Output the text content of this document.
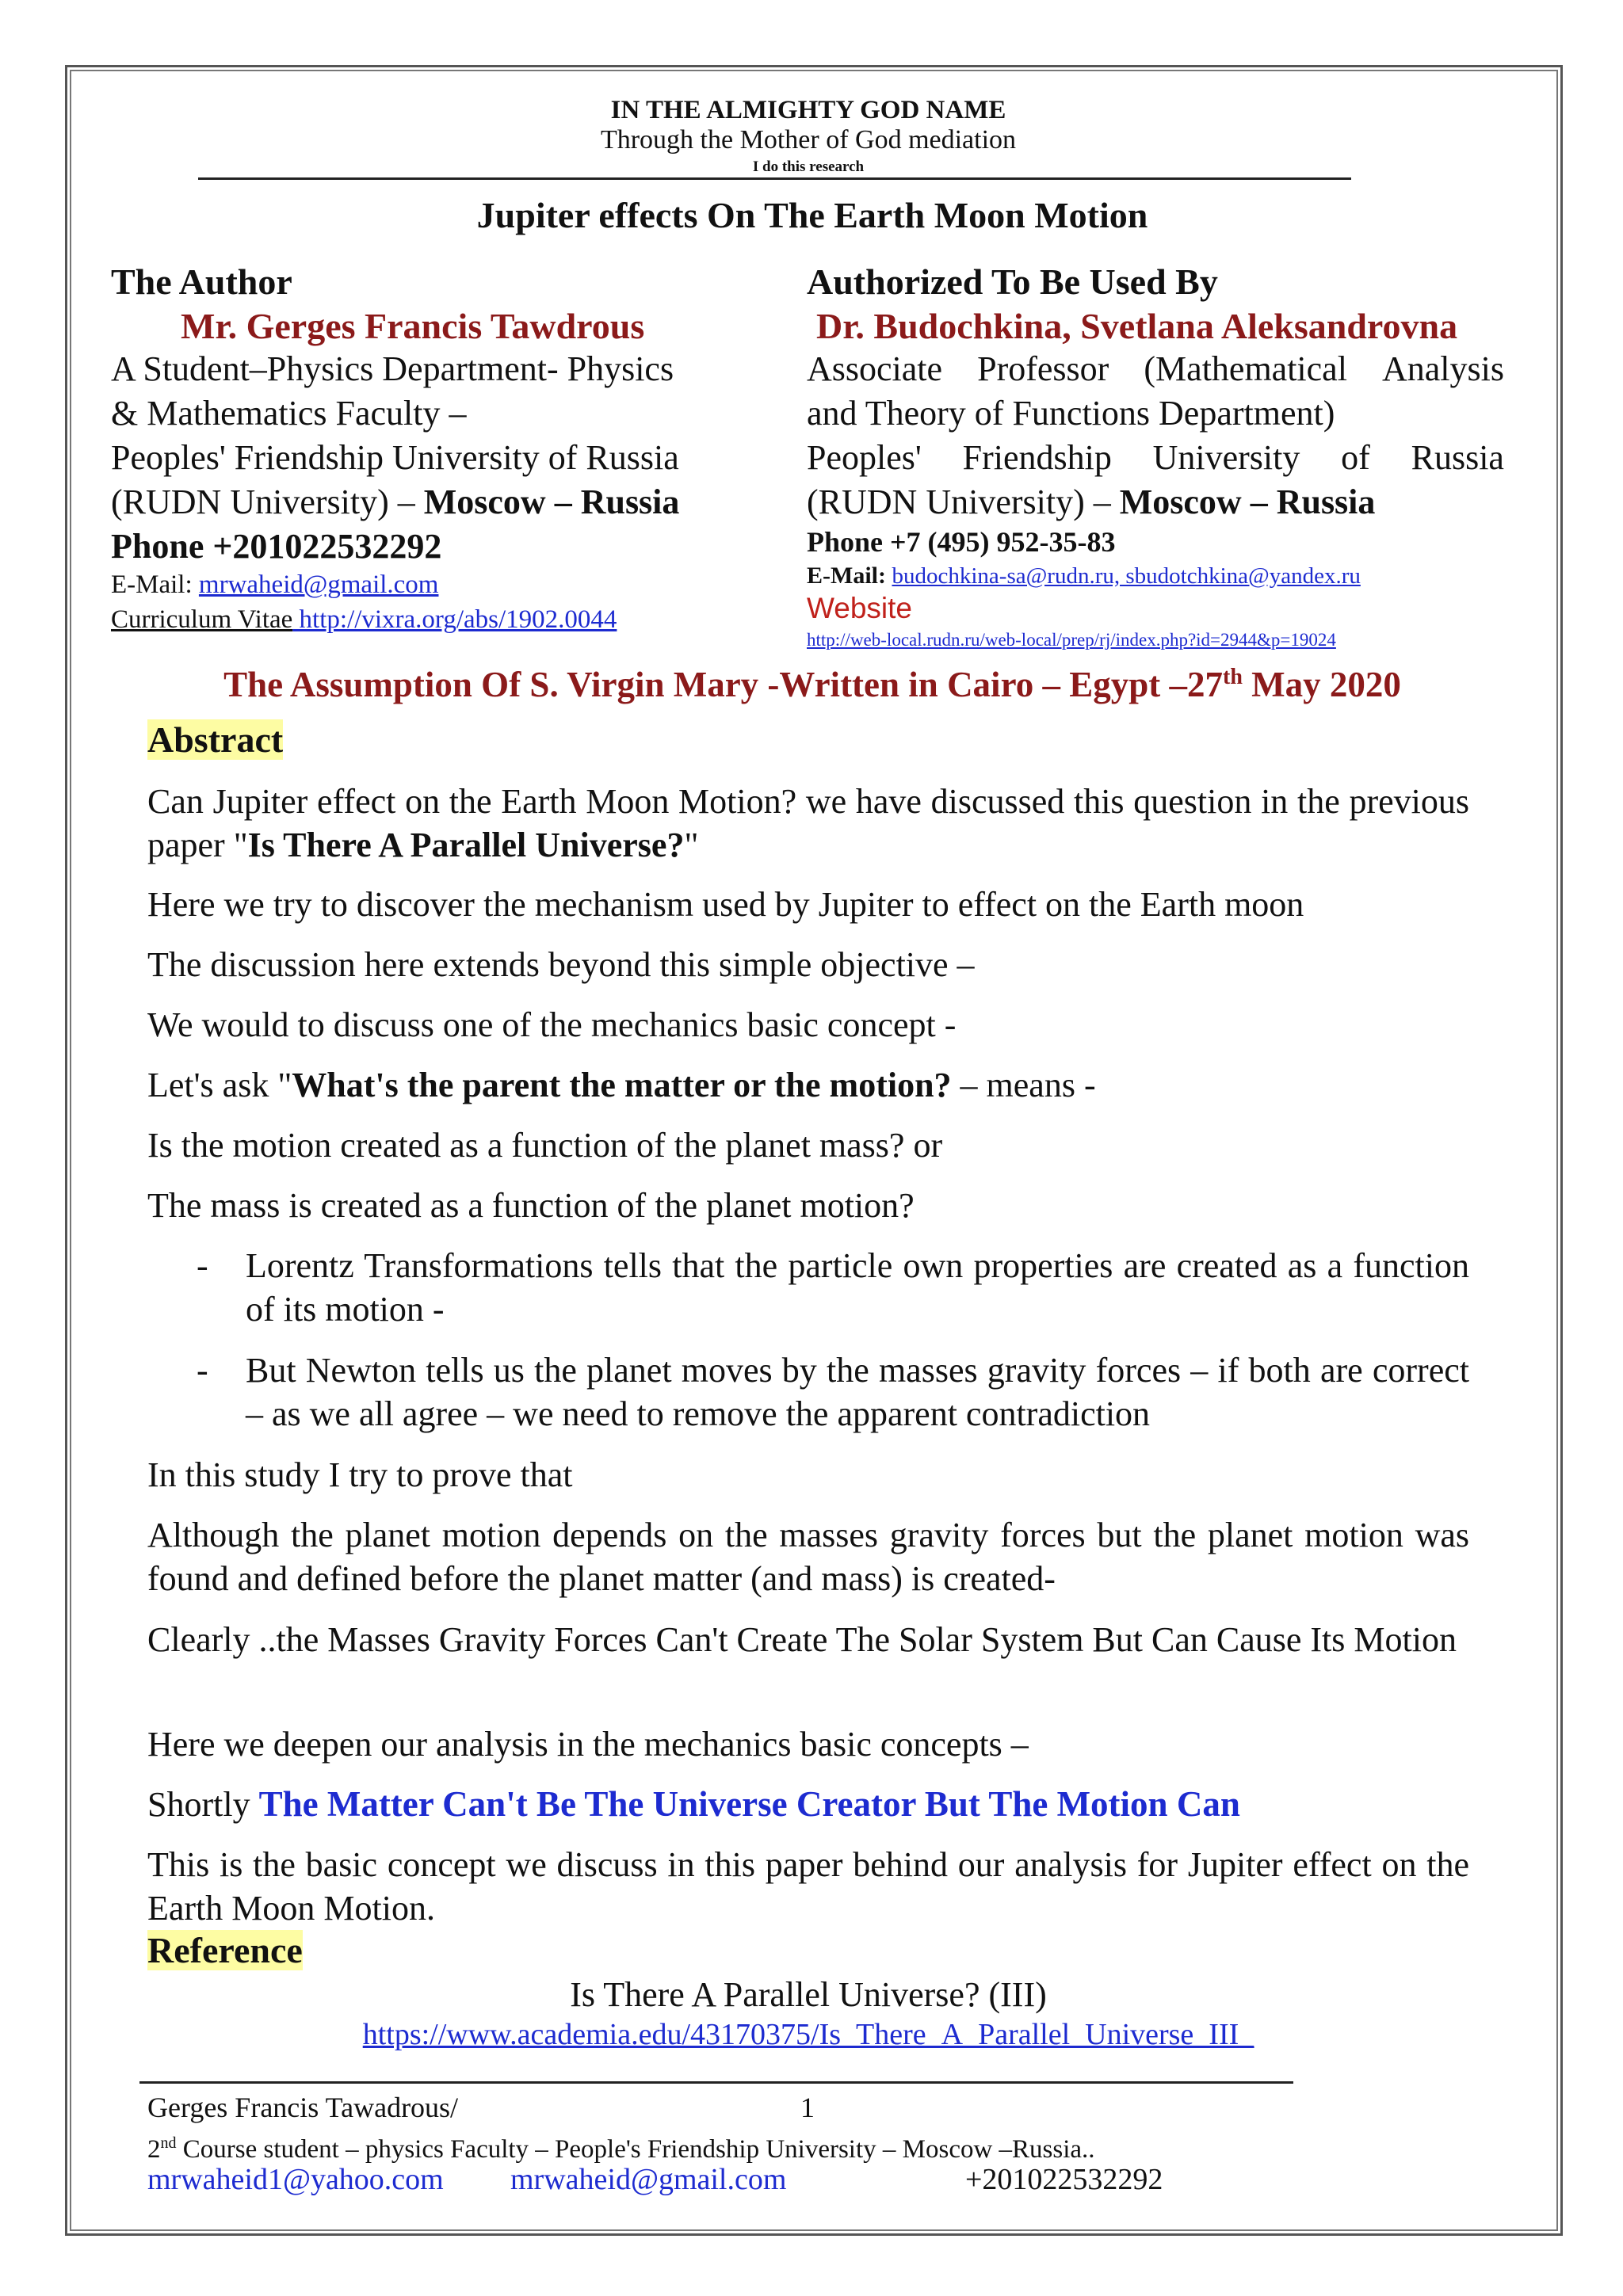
IN THE ALMIGHTY GOD NAME
Through the Mother of God mediation
I do this research
Jupiter effects On The Earth Moon Motion
The Author
Mr. Gerges Francis Tawdrous
A Student–Physics Department- Physics
& Mathematics Faculty –
Peoples' Friendship University of Russia
(RUDN University) – Moscow – Russia
Phone +201022532292
E-Mail: mrwaheid@gmail.com
Curriculum Vitae http://vixra.org/abs/1902.0044
Authorized To Be Used By
Dr. Budochkina, Svetlana Aleksandrovna
Associate Professor (Mathematical Analysis
and Theory of Functions Department)
Peoples' Friendship University of Russia
(RUDN University) – Moscow – Russia
Phone +7 (495) 952-35-83
E-Mail: budochkina-sa@rudn.ru, sbudotchkina@yandex.ru
Website
http://web-local.rudn.ru/web-local/prep/rj/index.php?id=2944&p=19024
The Assumption Of S. Virgin Mary -Written in Cairo – Egypt –27th May 2020
Abstract
Can Jupiter effect on the Earth Moon Motion? we have discussed this question in the previous paper "Is There A Parallel Universe?"
Here we try to discover the mechanism used by Jupiter to effect on the Earth moon
The discussion here extends beyond this simple objective –
We would to discuss one of the mechanics basic concept -
Let's ask "What's the parent the matter or the motion? – means -
Is the motion created as a function of the planet mass? or
The mass is created as a function of the planet motion?
- Lorentz Transformations tells that the particle own properties are created as a function of its motion -
- But Newton tells us the planet moves by the masses gravity forces – if both are correct – as we all agree – we need to remove the apparent contradiction
In this study I try to prove that
Although the planet motion depends on the masses gravity forces but the planet motion was found and defined before the planet matter (and mass) is created-
Clearly ..the Masses Gravity Forces Can't Create The Solar System But Can Cause Its Motion
Here we deepen our analysis in the mechanics basic concepts –
Shortly The Matter Can't Be The Universe Creator But The Motion Can
This is the basic concept we discuss in this paper behind our analysis for Jupiter effect on the Earth Moon Motion.
Reference
Is There A Parallel Universe? (III)
https://www.academia.edu/43170375/Is_There_A_Parallel_Universe_III_
Gerges Francis Tawadrous/	1
2nd Course student – physics Faculty – People's Friendship University – Moscow –Russia..
mrwaheid1@yahoo.com mrwaheid@gmail.com	+201022532292
